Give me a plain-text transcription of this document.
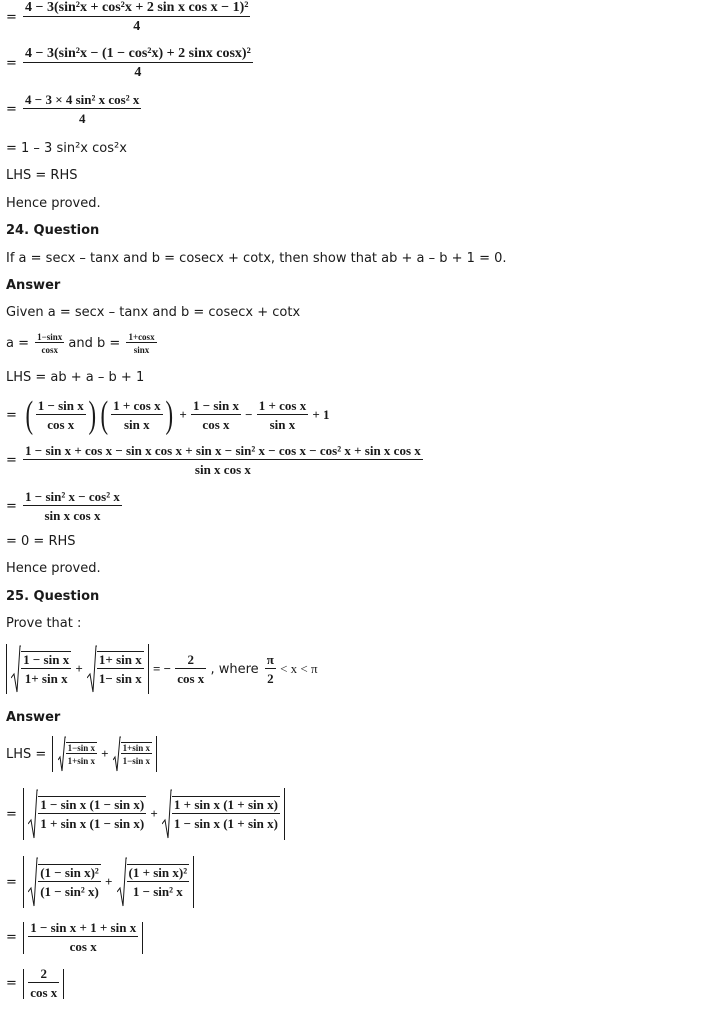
= $\frac{\text{4 − 3(sin²x + cos²x + 2 sin x cos x − 1)²}}{4}$
= $\frac{\text{4 − 3(sin²x − (1 − cos²x) + 2 sinx cosx)²}}{4}$
= $\frac{\text{4 − 3 × 4 sin² x cos² x}}{4}$
= 1 – 3 sin²x cos²x
LHS = RHS
Hence proved.
24. Question
If a = secx – tanx and b = cosecx + cotx, then show that ab + a – b + 1 = 0.
Answer
Given a = secx – tanx and b = cosecx + cotx
$a = \frac{1-\sin x}{\cos x}$ and $b = \frac{1+\cos x}{\sin x}$
LHS = ab + a – b + 1
= ( $\frac{\text{1 − sin x}}{\text{cos x}}$ ) ( $\frac{\text{1 + cos x}}{\text{sin x}}$ ) + $\frac{\text{1 − sin x}}{\text{cos x}} - \frac{\text{1 + cos x}}{\text{sin x}} + 1$
=
1 − sin x + cos x − sin x cos x + sin x − sin² x − cos x − cos² x + sin x cos x
sin x cos x
= $\frac{\text{1 − sin² x − cos² x}}{\text{sin x cos x}}$
= 0 = RHS
Hence proved.
25. Question
Prove that :

$\frac{\text{1 − sin x}}{\text{1+ sin x}} + \frac{\text{1+ sin x}}{\text{1− sin x}}$ = − $\frac{2}{\text{cos x}}$ , where $\frac{\pi}{2} < x < \pi$
Answer
LHS = $\frac{\text{1−sin x}}{\text{1+sin x}} + \frac{\text{1+sin x}}{\text{1−sin x}}$

= $\frac{\text{1 − sin x (1 − sin x)}}{\text{1 + sin x (1 − sin x)}} + \frac{\text{1 + sin x (1 + sin x)}}{\text{1 − sin x (1 + sin x)}}$

= $\frac{\text{(1 − sin x)²}}{\text{(1 − sin² x)}} + \frac{\text{(1 + sin x)²}}{\text{1 − sin² x}}$

= $\frac{\text{1 − sin x + 1 + sin x}}{\text{cos x}}$

= $\frac{2}{\text{cos x}}$
